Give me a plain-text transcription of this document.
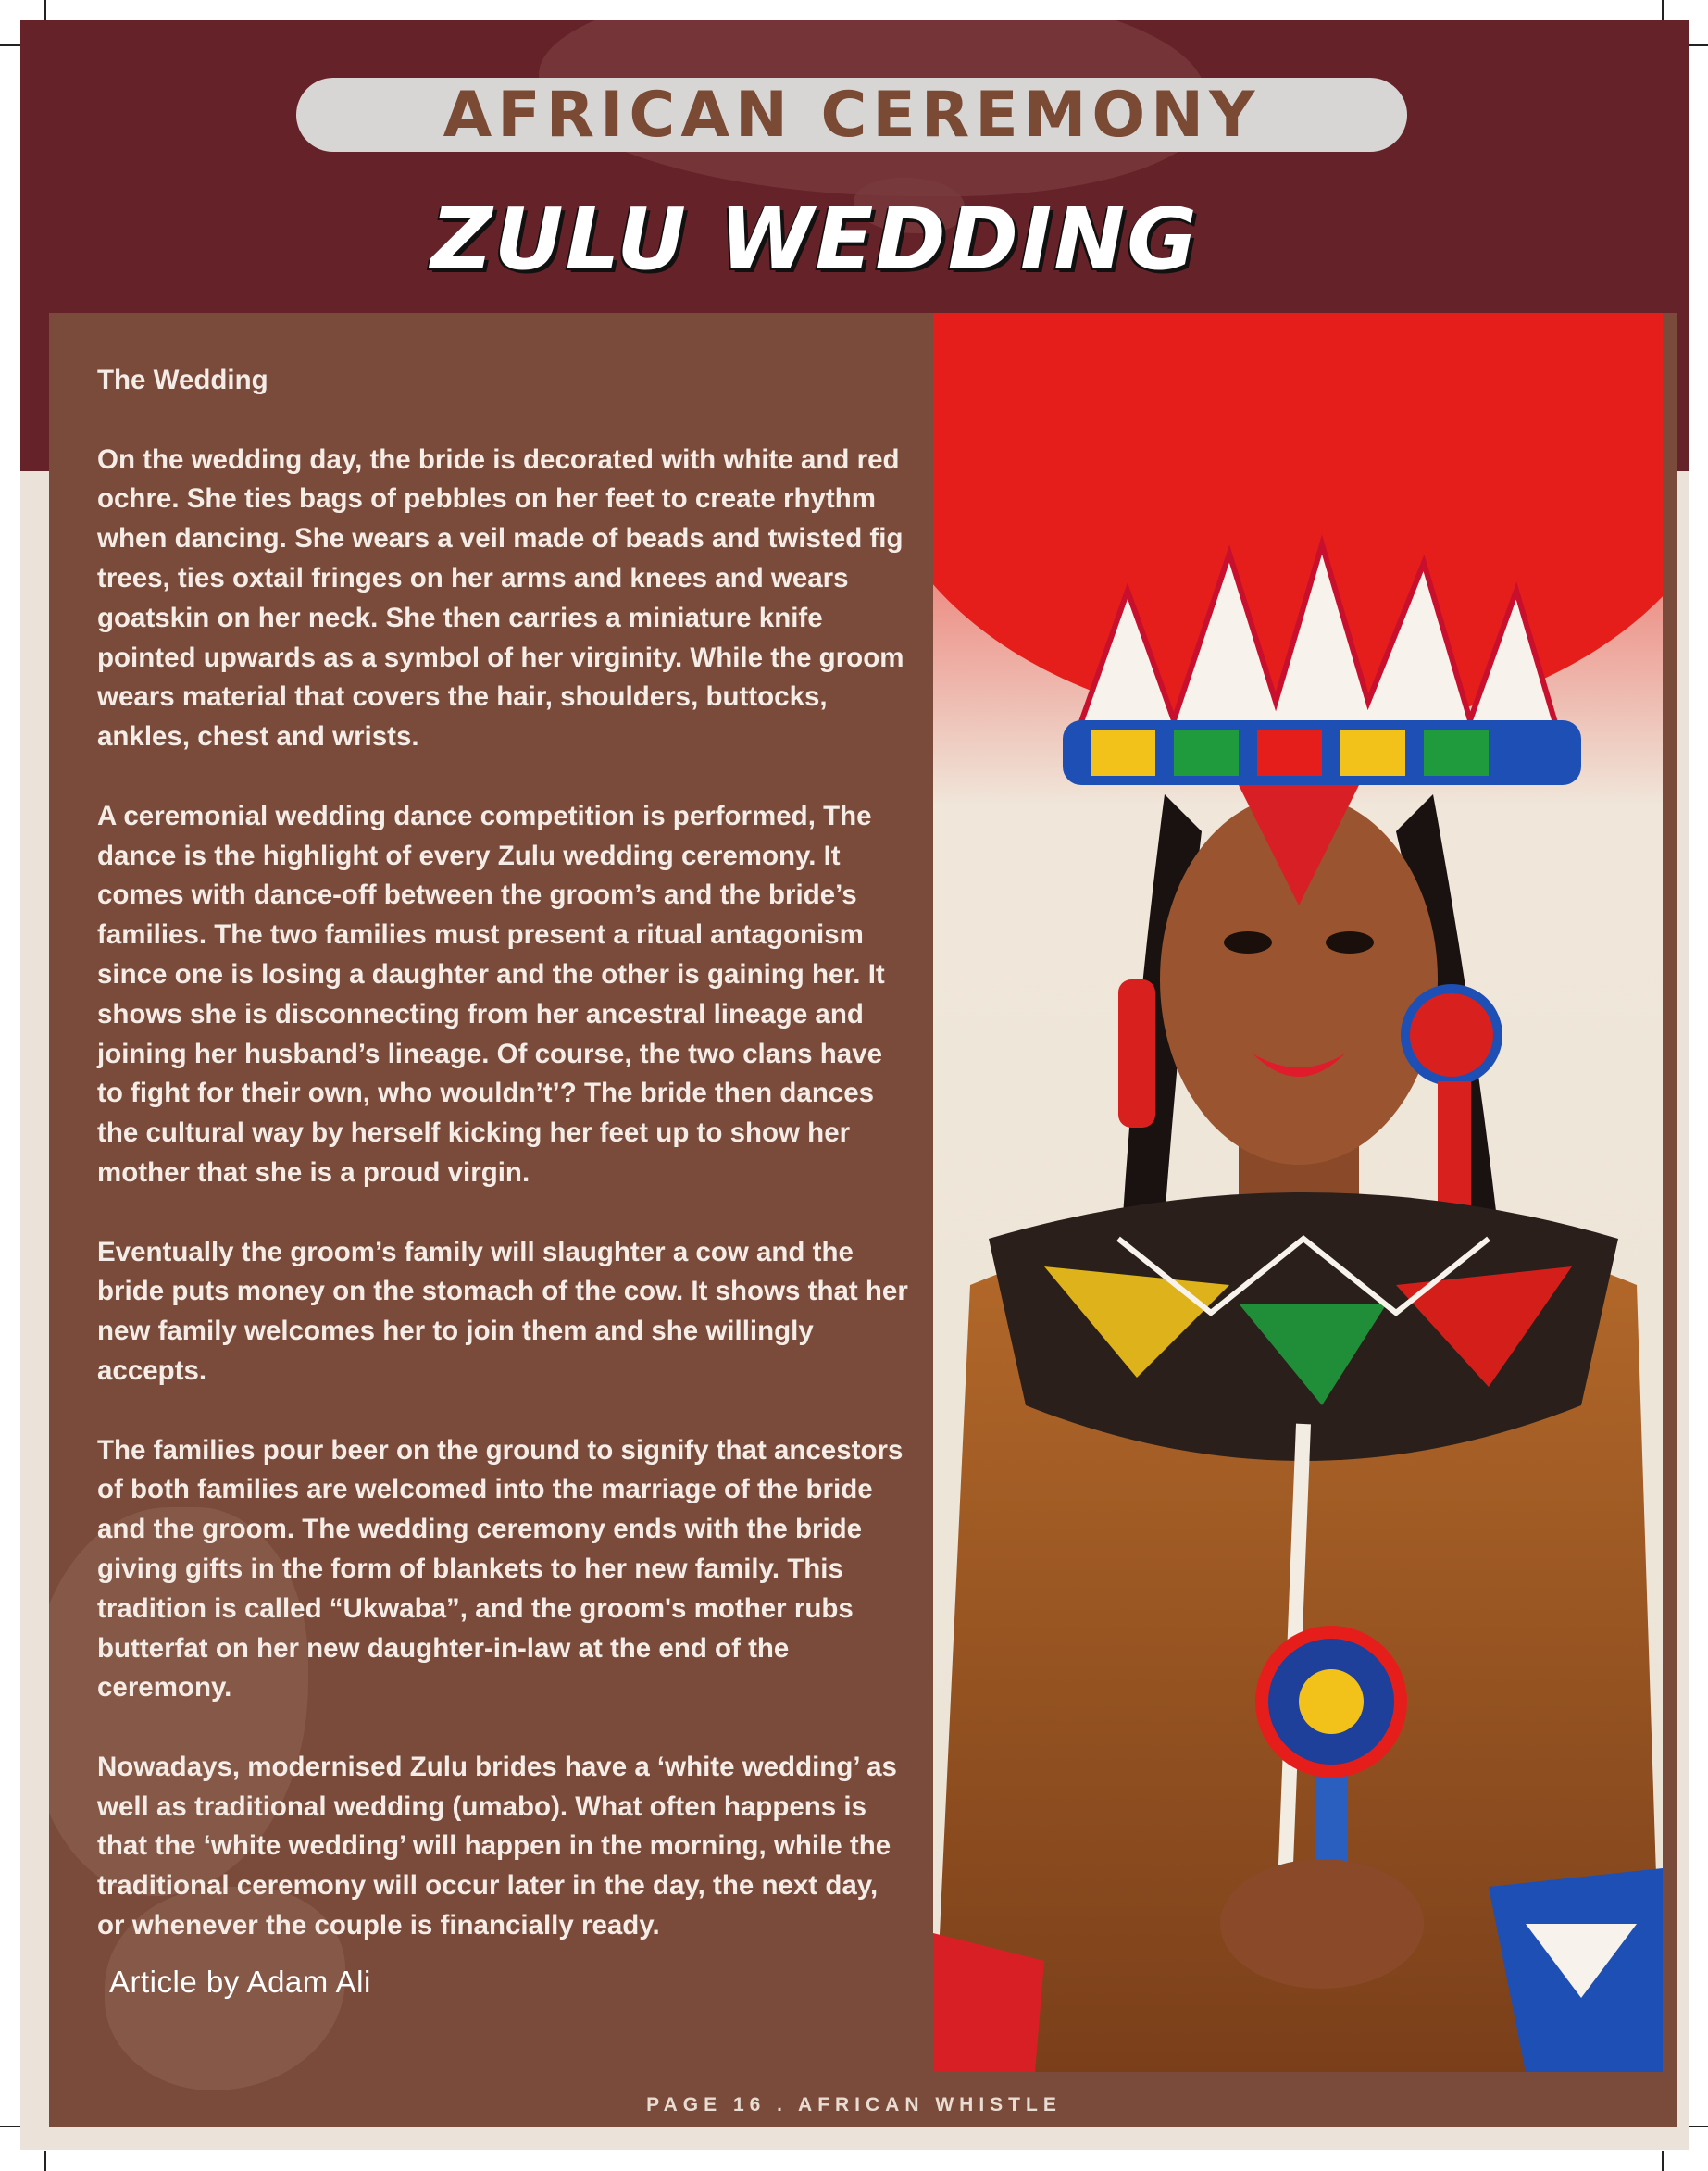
AFRICAN CEREMONY
ZULU WEDDING

The Wedding

On the wedding day, the bride is decorated with white and red ochre. She ties bags of pebbles on her feet to create rhythm when dancing. She wears a veil made of beads and twisted fig trees, ties oxtail fringes on her arms and knees and wears goatskin on her neck. She then carries a miniature knife pointed upwards as a symbol of her virginity. While the groom wears material that covers the hair, shoulders, buttocks, ankles, chest and wrists.

A ceremonial wedding dance competition is performed, The dance is the highlight of every Zulu wedding ceremony. It comes with dance-off between the groom’s and the bride’s families. The two families must present a ritual antagonism since one is losing a daughter and the other is gaining her. It shows she is disconnecting from her ancestral lineage and joining her husband’s lineage. Of course, the two clans have to fight for their own, who wouldn’t’? The bride then dances the cultural way by herself kicking her feet up to show her mother that she is a proud virgin.

Eventually the groom’s family will slaughter a cow and the bride puts money on the stomach of the cow. It shows that her new family welcomes her to join them and she willingly accepts.

The families pour beer on the ground to signify that ancestors of both families are welcomed into the marriage of the bride and the groom. The wedding ceremony ends with the bride giving gifts in the form of blankets to her new family. This tradition is called “Ukwaba”, and the groom's mother rubs butterfat on her new daughter-in-law at the end of the ceremony.

Nowadays, modernised Zulu brides have a ‘white wedding’ as well as traditional wedding (umabo). What often happens is that the ‘white wedding’ will happen in the morning, while the traditional ceremony will occur later in the day, the next day, or whenever the couple is financially ready.

Article by Adam Ali
PAGE 16 . AFRICAN WHISTLE
